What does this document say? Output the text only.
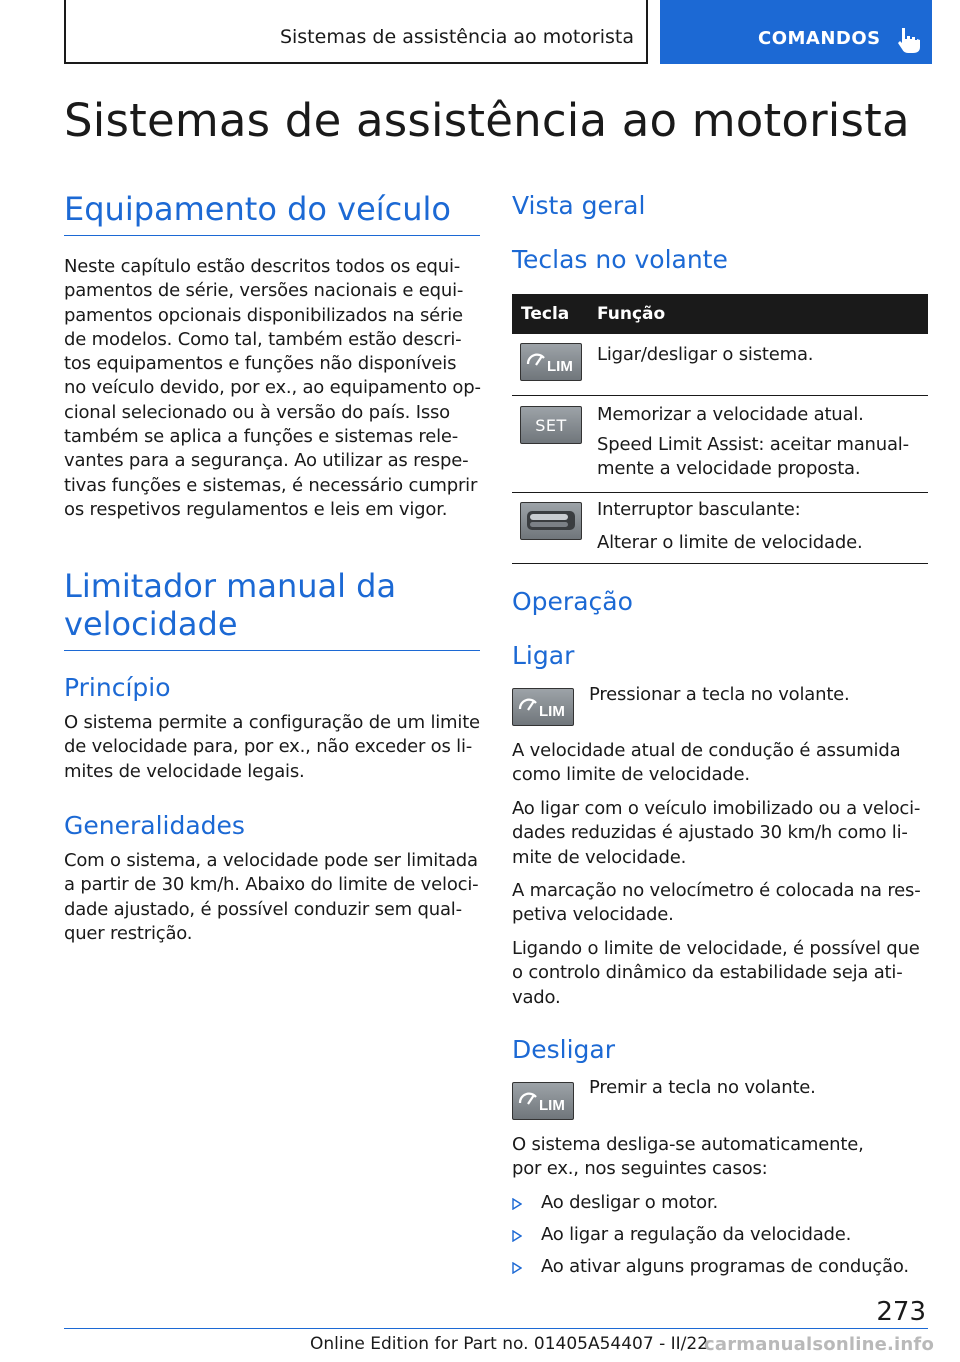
Sistemas de assistência ao motorista	COMANDOS
Sistemas de assistência ao motorista
Equipamento do veículo

Neste capítulo estão descritos todos os equi-
pamentos de série, versões nacionais e equi-
pamentos opcionais disponibilizados na série
de modelos. Como tal, também estão descri-
tos equipamentos e funções não disponíveis
no veículo devido, por ex., ao equipamento op-
cional selecionado ou à versão do país. Isso
também se aplica a funções e sistemas rele-
vantes para a segurança. Ao utilizar as respe-
tivas funções e sistemas, é necessário cumprir
os respetivos regulamentos e leis em vigor.

Limitador manual da
velocidade
Princípio

O sistema permite a configuração de um limite
de velocidade para, por ex., não exceder os li-
mites de velocidade legais.

Generalidades

Com o sistema, a velocidade pode ser limitada
a partir de 30 km/h. Abaixo do limite de veloci-
dade ajustado, é possível conduzir sem qual-
quer restrição.

Vista geral
Teclas no volante
Tecla Função
LIM
Ligar/desligar o sistema.
SET
Memorizar a velocidade atual.
Speed Limit Assist: aceitar manual-
mente a velocidade proposta.
Interruptor basculante:
Alterar o limite de velocidade.
Operação
Ligar
LIM

Pressionar a tecla no volante.

A velocidade atual de condução é assumida
como limite de velocidade.

Ao ligar com o veículo imobilizado ou a veloci-
dades reduzidas é ajustado 30 km/h como li-
mite de velocidade.

A marcação no velocímetro é colocada na res-
petiva velocidade.

Ligando o limite de velocidade, é possível que
o controlo dinâmico da estabilidade seja ati-
vado.

Desligar
LIM

Premir a tecla no volante.

O sistema desliga-se automaticamente,
por ex., nos seguintes casos:

Ao desligar o motor.
Ao ligar a regulação da velocidade.
Ao ativar alguns programas de condução.
273
Online Edition for Part no. 01405A54407 - II/22
carmanualsonline.info
